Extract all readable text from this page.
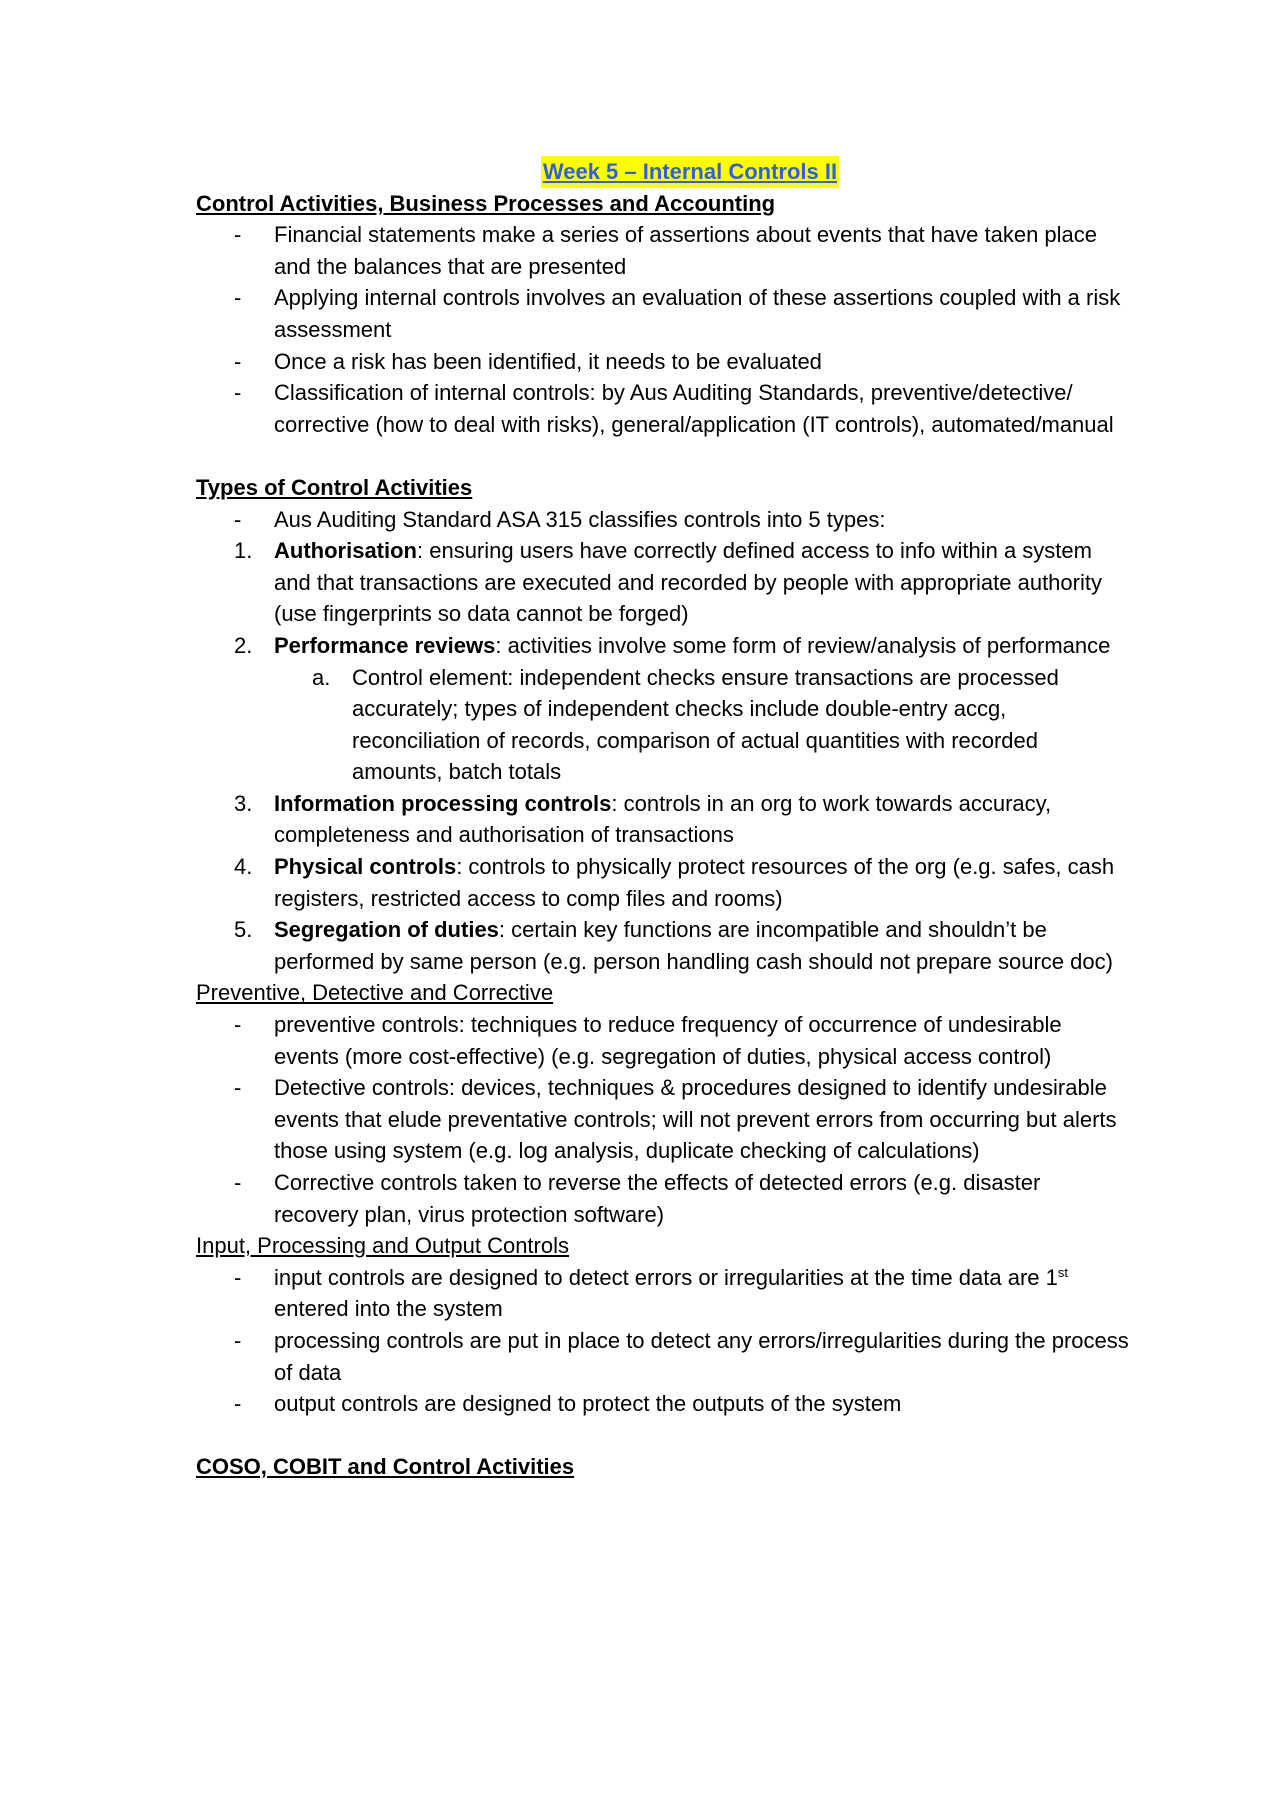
Week 5 – Internal Controls II
Control Activities, Business Processes and Accounting
- Financial statements make a series of assertions about events that have taken place and the balances that are presented
- Applying internal controls involves an evaluation of these assertions coupled with a risk assessment
- Once a risk has been identified, it needs to be evaluated
- Classification of internal controls: by Aus Auditing Standards, preventive/detective/ corrective (how to deal with risks), general/application (IT controls), automated/manual
Types of Control Activities
- Aus Auditing Standard ASA 315 classifies controls into 5 types:
1. Authorisation: ensuring users have correctly defined access to info within a system and that transactions are executed and recorded by people with appropriate authority (use fingerprints so data cannot be forged)
2. Performance reviews: activities involve some form of review/analysis of performance
a. Control element: independent checks ensure transactions are processed accurately; types of independent checks include double-entry accg, reconciliation of records, comparison of actual quantities with recorded amounts, batch totals
3. Information processing controls: controls in an org to work towards accuracy, completeness and authorisation of transactions
4. Physical controls: controls to physically protect resources of the org (e.g. safes, cash registers, restricted access to comp files and rooms)
5. Segregation of duties: certain key functions are incompatible and shouldn’t be performed by same person (e.g. person handling cash should not prepare source doc)
Preventive, Detective and Corrective
- preventive controls: techniques to reduce frequency of occurrence of undesirable events (more cost-effective) (e.g. segregation of duties, physical access control)
- Detective controls: devices, techniques & procedures designed to identify undesirable events that elude preventative controls; will not prevent errors from occurring but alerts those using system (e.g. log analysis, duplicate checking of calculations)
- Corrective controls taken to reverse the effects of detected errors (e.g. disaster recovery plan, virus protection software)
Input, Processing and Output Controls
- input controls are designed to detect errors or irregularities at the time data are 1st entered into the system
- processing controls are put in place to detect any errors/irregularities during the process of data
- output controls are designed to protect the outputs of the system
COSO, COBIT and Control Activities
